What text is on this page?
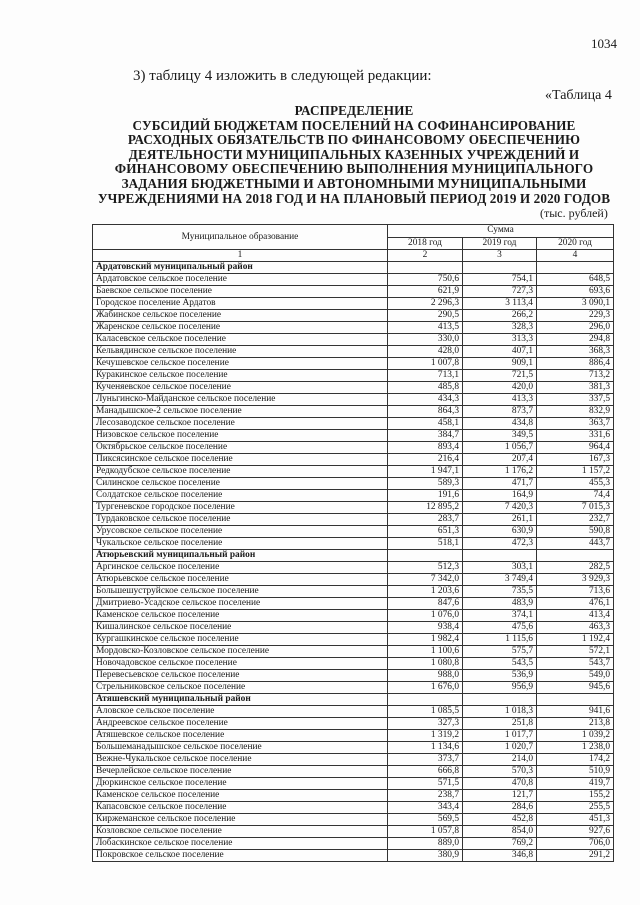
1034
3) таблицу 4 изложить в следующей редакции:
«Таблица 4
РАСПРЕДЕЛЕНИЕ
СУБСИДИЙ БЮДЖЕТАМ ПОСЕЛЕНИЙ НА СОФИНАНСИРОВАНИЕ
РАСХОДНЫХ ОБЯЗАТЕЛЬСТВ ПО ФИНАНСОВОМУ ОБЕСПЕЧЕНИЮ
ДЕЯТЕЛЬНОСТИ МУНИЦИПАЛЬНЫХ КАЗЕННЫХ УЧРЕЖДЕНИЙ И
ФИНАНСОВОМУ ОБЕСПЕЧЕНИЮ ВЫПОЛНЕНИЯ МУНИЦИПАЛЬНОГО
ЗАДАНИЯ БЮДЖЕТНЫМИ И АВТОНОМНЫМИ МУНИЦИПАЛЬНЫМИ
УЧРЕЖДЕНИЯМИ НА 2018 ГОД И НА ПЛАНОВЫЙ ПЕРИОД 2019 И 2020 ГОДОВ
(тыс. рублей)
Муниципальное образование	Сумма		
	2018 год	2019 год	2020 год
1	2	3	4
Ардатовский муниципальный район			
Ардатовское сельское поселение	750,6	754,1	648,5
Баевское сельское поселение	621,9	727,3	693,6
Городское поселение Ардатов	2 296,3	3 113,4	3 090,1
Жабинское сельское поселение	290,5	266,2	229,3
Жаренское сельское поселение	413,5	328,3	296,0
Каласевское сельское поселение	330,0	313,3	294,8
Кельвядинское сельское поселение	428,0	407,1	368,3
Кечушевское сельское поселение	1 007,8	909,1	886,4
Куракинское сельское поселение	713,1	721,5	713,2
Кученяевское сельское поселение	485,8	420,0	381,3
Луньгинско-Майданское сельское поселение	434,3	413,3	337,5
Манадышское-2 сельское поселение	864,3	873,7	832,9
Лесозаводское сельское поселение	458,1	434,8	363,7
Низовское сельское поселение	384,7	349,5	331,6
Октябрьское сельское поселение	893,4	1 056,7	964,4
Пиксясинское сельское поселение	216,4	207,4	167,3
Редкодубское сельское поселение	1 947,1	1 176,2	1 157,2
Силинское сельское поселение	589,3	471,7	455,3
Солдатское сельское поселение	191,6	164,9	74,4
Тургеневское городское поселение	12 895,2	7 420,3	7 015,3
Турдаковское сельское поселение	283,7	261,1	232,7
Урусовское сельское поселение	651,3	630,9	590,8
Чукальское сельское поселение	518,1	472,3	443,7
Атюрьевский муниципальный район			
Аргинское сельское поселение	512,3	303,1	282,5
Атюрьевское сельское поселение	7 342,0	3 749,4	3 929,3
Большешуструйское сельское поселение	1 203,6	735,5	713,6
Дмитриево-Усадское сельское поселение	847,6	483,9	476,1
Каменское сельское поселение	1 076,0	374,1	413,4
Кишалинское сельское поселение	938,4	475,6	463,3
Кургашкинское сельское поселение	1 982,4	1 115,6	1 192,4
Мордовско-Козловское сельское поселение	1 100,6	575,7	572,1
Новочадовское сельское поселение	1 080,8	543,5	543,7
Перевесьевское сельское поселение	988,0	536,9	549,0
Стрельниковское сельское поселение	1 676,0	956,9	945,6
Атяшевский муниципальный район			
Аловское сельское поселение	1 085,5	1 018,3	941,6
Андреевское сельское поселение	327,3	251,8	213,8
Атяшевское сельское поселение	1 319,2	1 017,7	1 039,2
Большеманадышское сельское поселение	1 134,6	1 020,7	1 238,0
Вежне-Чукальское сельское поселение	373,7	214,0	174,2
Вечерлейское сельское поселение	666,8	570,3	510,9
Дюркинское сельское поселение	571,5	470,8	419,7
Каменское сельское поселение	238,7	121,7	155,2
Капасовское сельское поселение	343,4	284,6	255,5
Киржеманское сельское поселение	569,5	452,8	451,3
Козловское сельское поселение	1 057,8	854,0	927,6
Лобаскинское сельское поселение	889,0	769,2	706,0
Покровское сельское поселение	380,9	346,8	291,2
